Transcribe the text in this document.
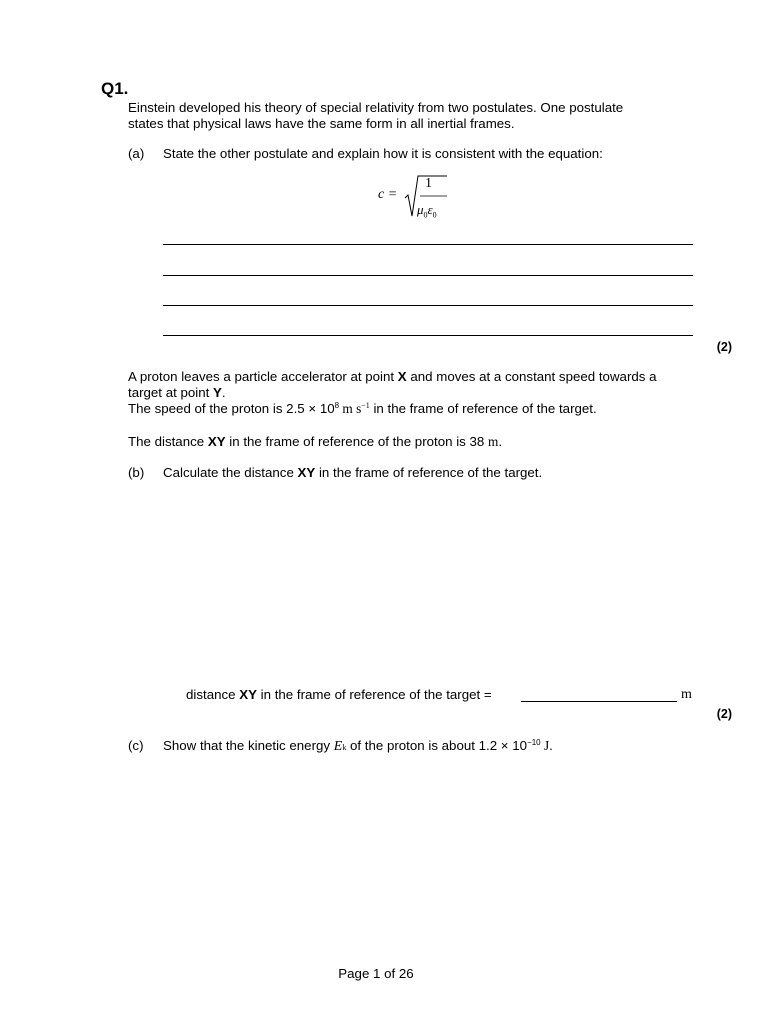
Q1.
Einstein developed his theory of special relativity from two postulates. One postulate
states that physical laws have the same form in all inertial frames.
(a) State the other postulate and explain how it is consistent with the equation:
c =
1
$\mu_0\varepsilon_0$
(2)
A proton leaves a particle accelerator at point X and moves at a constant speed towards a
target at point Y.
The speed of the proton is $2.5 \times 10^8$ m $s^{-1}$ in the frame of reference of the target.
The distance XY in the frame of reference of the proton is 38 m.
(b) Calculate the distance XY in the frame of reference of the target.
distance XY in the frame of reference of the target =	m
(2)
(c) Show that the kinetic energy Ek of the proton is about $1.2 \times 10^{-10}$ J.
Page 1 of 26
